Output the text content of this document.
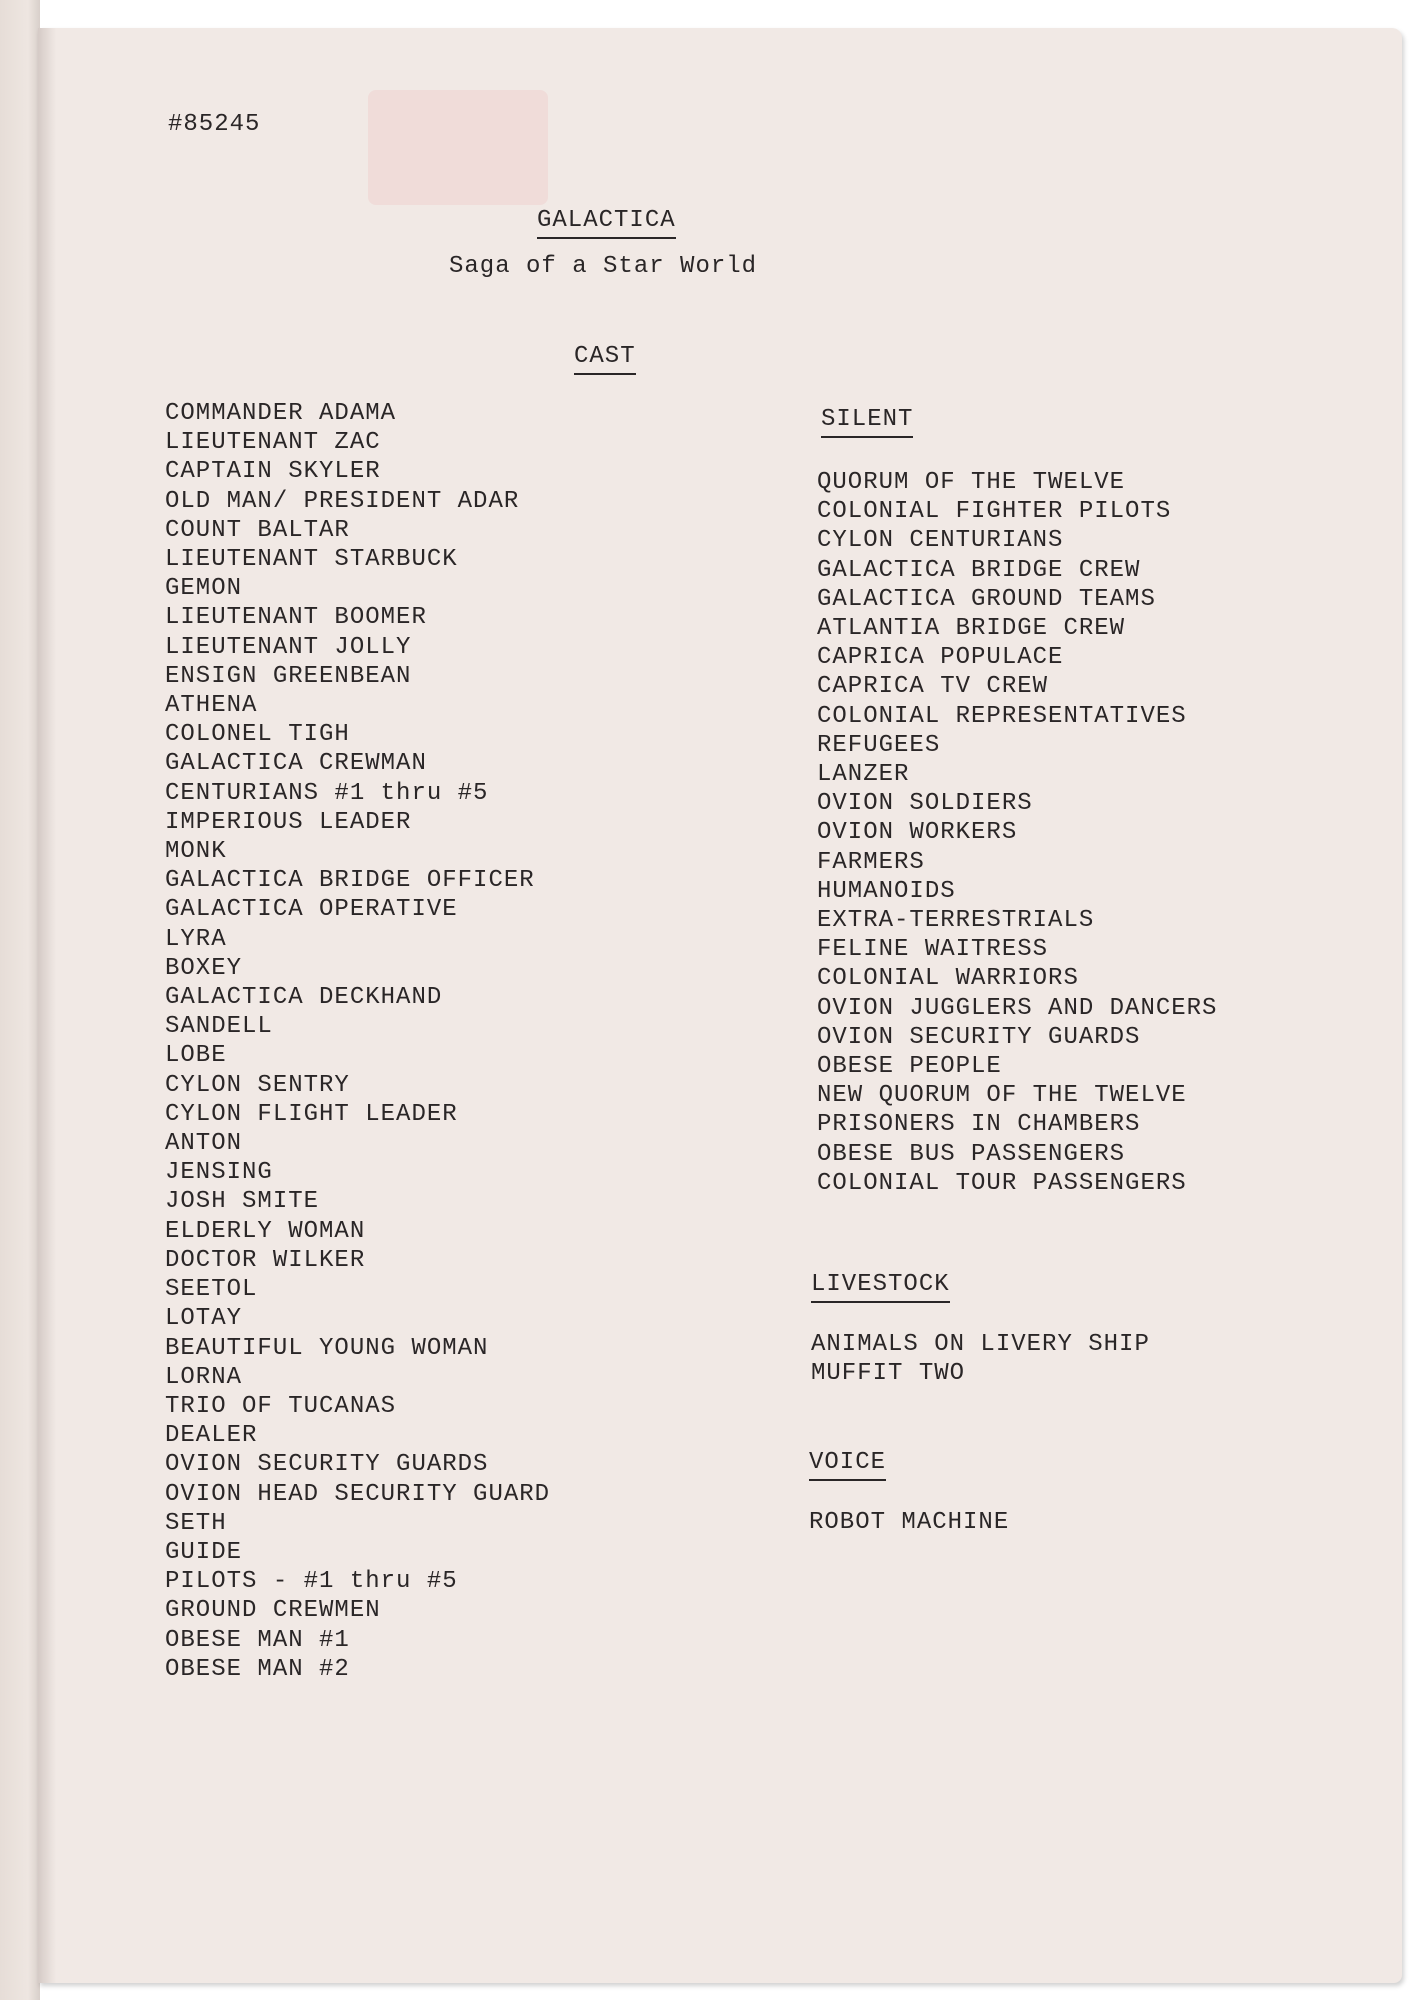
#85245
GALACTICA
Saga of a Star World
CAST
COMMANDER ADAMA
LIEUTENANT ZAC
CAPTAIN SKYLER
OLD MAN/ PRESIDENT ADAR
COUNT BALTAR
LIEUTENANT STARBUCK
GEMON
LIEUTENANT BOOMER
LIEUTENANT JOLLY
ENSIGN GREENBEAN
ATHENA
COLONEL TIGH
GALACTICA CREWMAN
CENTURIANS #1 thru #5
IMPERIOUS LEADER
MONK
GALACTICA BRIDGE OFFICER
GALACTICA OPERATIVE
LYRA
BOXEY
GALACTICA DECKHAND
SANDELL
LOBE
CYLON SENTRY
CYLON FLIGHT LEADER
ANTON
JENSING
JOSH SMITE
ELDERLY WOMAN
DOCTOR WILKER
SEETOL
LOTAY
BEAUTIFUL YOUNG WOMAN
LORNA
TRIO OF TUCANAS
DEALER
OVION SECURITY GUARDS
OVION HEAD SECURITY GUARD
SETH
GUIDE
PILOTS - #1 thru #5
GROUND CREWMEN
OBESE MAN #1
OBESE MAN #2
SILENT
QUORUM OF THE TWELVE
COLONIAL FIGHTER PILOTS
CYLON CENTURIANS
GALACTICA BRIDGE CREW
GALACTICA GROUND TEAMS
ATLANTIA BRIDGE CREW
CAPRICA POPULACE
CAPRICA TV CREW
COLONIAL REPRESENTATIVES
REFUGEES
LANZER
OVION SOLDIERS
OVION WORKERS
FARMERS
HUMANOIDS
EXTRA-TERRESTRIALS
FELINE WAITRESS
COLONIAL WARRIORS
OVION JUGGLERS AND DANCERS
OVION SECURITY GUARDS
OBESE PEOPLE
NEW QUORUM OF THE TWELVE
PRISONERS IN CHAMBERS
OBESE BUS PASSENGERS
COLONIAL TOUR PASSENGERS
LIVESTOCK
ANIMALS ON LIVERY SHIP
MUFFIT TWO
VOICE
ROBOT MACHINE
